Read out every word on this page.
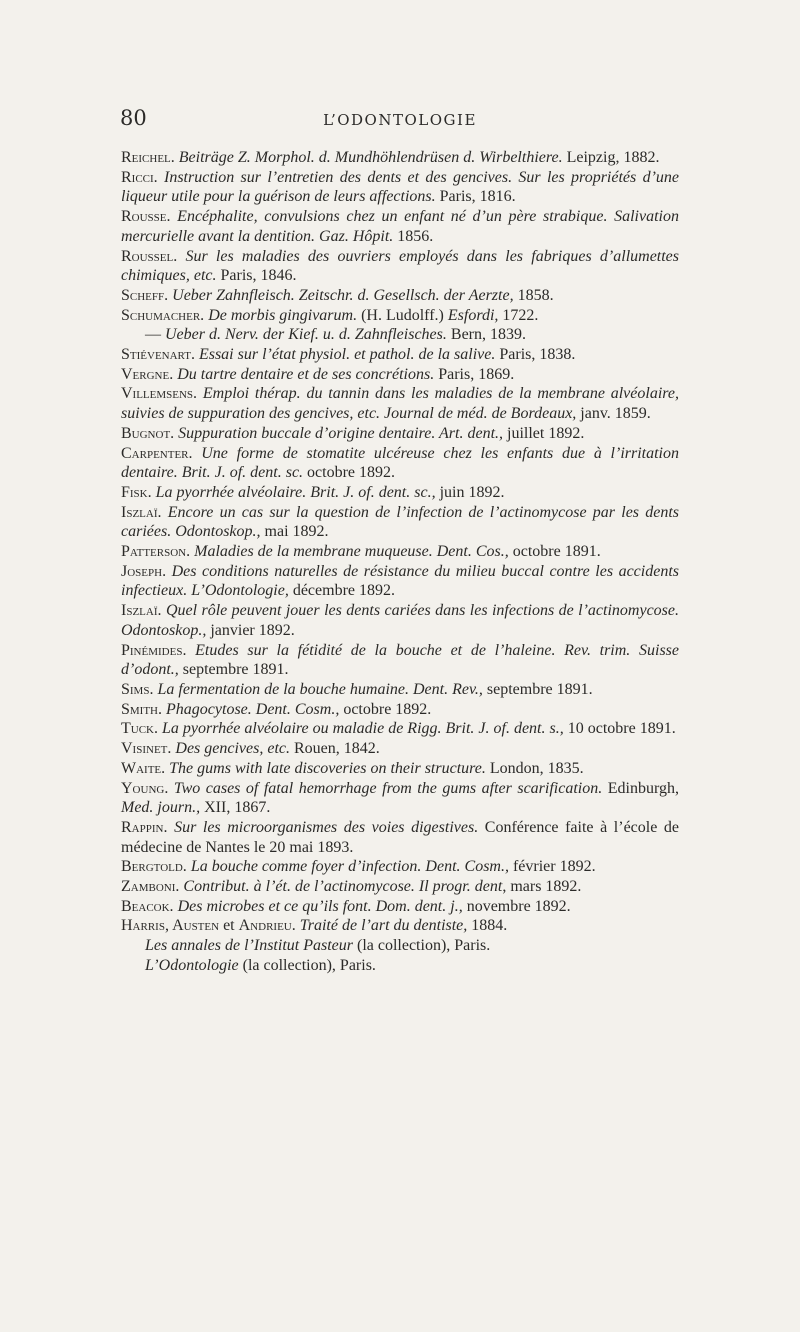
80	L’ODONTOLOGIE
Reichel. Beiträge Z. Morphol. d. Mundhöhlendrüsen d. Wirbelthiere. Leipzig, 1882.
Ricci. Instruction sur l’entretien des dents et des gencives. Sur les propriétés d’une liqueur utile pour la guérison de leurs affections. Paris, 1816.
Rousse. Encéphalite, convulsions chez un enfant né d’un père strabique. Salivation mercurielle avant la dentition. Gaz. Hôpit. 1856.
Roussel. Sur les maladies des ouvriers employés dans les fabriques d’allumettes chimiques, etc. Paris, 1846.
Scheff. Ueber Zahnfleisch. Zeitschr. d. Gesellsch. der Aerzte, 1858.
Schumacher. De morbis gingivarum. (H. Ludolff.) Esfordi, 1722.
— Ueber d. Nerv. der Kief. u. d. Zahnfleisches. Bern, 1839.
Stiévenart. Essai sur l’état physiol. et pathol. de la salive. Paris, 1838.
Vergne. Du tartre dentaire et de ses concrétions. Paris, 1869.
Villemsens. Emploi thérap. du tannin dans les maladies de la membrane alvéolaire, suivies de suppuration des gencives, etc. Journal de méd. de Bordeaux, janv. 1859.
Bugnot. Suppuration buccale d’origine dentaire. Art. dent., juillet 1892.
Carpenter. Une forme de stomatite ulcéreuse chez les enfants due à l’irritation dentaire. Brit. J. of. dent. sc. octobre 1892.
Fisk. La pyorrhée alvéolaire. Brit. J. of. dent. sc., juin 1892.
Iszlaï. Encore un cas sur la question de l’infection de l’actinomycose par les dents cariées. Odontoskop., mai 1892.
Patterson. Maladies de la membrane muqueuse. Dent. Cos., octobre 1891.
Joseph. Des conditions naturelles de résistance du milieu buccal contre les accidents infectieux. L’Odontologie, décembre 1892.
Iszlaï. Quel rôle peuvent jouer les dents cariées dans les infections de l’actinomycose. Odontoskop., janvier 1892.
Pinémides. Etudes sur la fétidité de la bouche et de l’haleine. Rev. trim. Suisse d’odont., septembre 1891.
Sims. La fermentation de la bouche humaine. Dent. Rev., septembre 1891.
Smith. Phagocytose. Dent. Cosm., octobre 1892.
Tuck. La pyorrhée alvéolaire ou maladie de Rigg. Brit. J. of. dent. s., 10 octobre 1891.
Visinet. Des gencives, etc. Rouen, 1842.
Waite. The gums with late discoveries on their structure. London, 1835.
Young. Two cases of fatal hemorrhage from the gums after scarification. Edinburgh, Med. journ., XII, 1867.
Rappin. Sur les microorganismes des voies digestives. Conférence faite à l’école de médecine de Nantes le 20 mai 1893.
Bergtold. La bouche comme foyer d’infection. Dent. Cosm., février 1892.
Zamboni. Contribut. à l’ét. de l’actinomycose. Il progr. dent, mars 1892.
Beacok. Des microbes et ce qu’ils font. Dom. dent. j., novembre 1892.
Harris, Austen et Andrieu. Traité de l’art du dentiste, 1884.
Les annales de l’Institut Pasteur (la collection), Paris.
L’Odontologie (la collection), Paris.
